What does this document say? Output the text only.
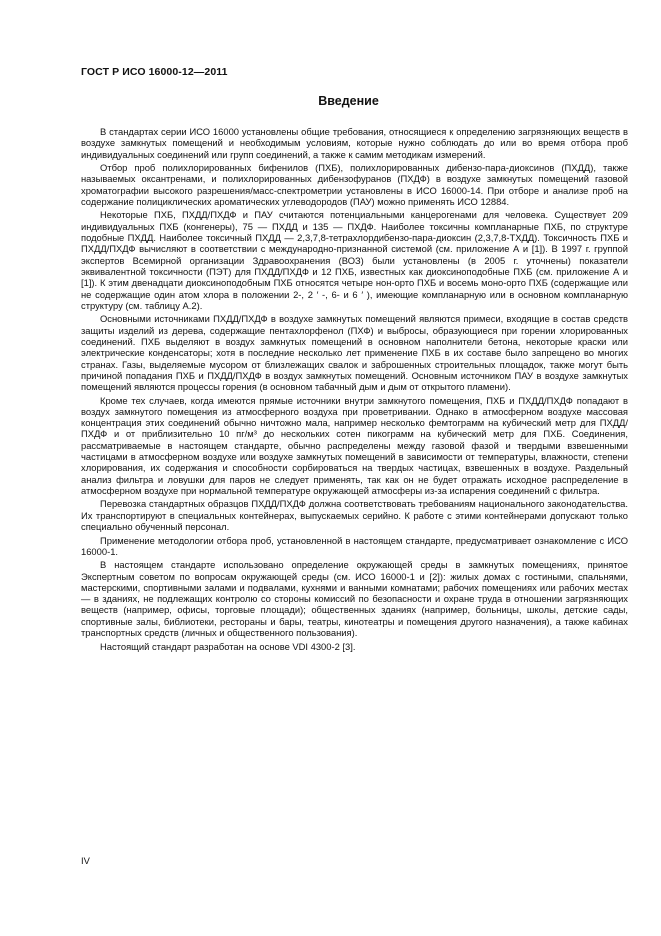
ГОСТ Р ИСО 16000-12—2011
Введение

В стандартах серии ИСО 16000 установлены общие требования, относящиеся к определению загрязняющих веществ в воздухе замкнутых помещений и необходимым условиям, которые нужно соблюдать до или во время отбора проб индивидуальных соединений или групп соединений, а также к самим методикам измерений.

Отбор проб полихлорированных бифенилов (ПХБ), полихлорированных дибензо-пара-диоксинов (ПХДД), также называемых оксантренами, и полихлорированных дибензофуранов (ПХДФ) в воздухе замкнутых помещений газовой хроматографии высокого разрешения/масс-спектрометрии установлены в ИСО 16000-14. При отборе и анализе проб на содержание полициклических ароматических углеводородов (ПАУ) можно применять ИСО 12884.

Некоторые ПХБ, ПХДД/ПХДФ и ПАУ считаются потенциальными канцерогенами для человека. Существует 209 индивидуальных ПХБ (конгенеры), 75 — ПХДД и 135 — ПХДФ. Наиболее токсичны компланарные ПХБ, по структуре подобные ПХДД. Наиболее токсичный ПХДД — 2,3,7,8-тетрахлордибензо-пара-диоксин (2,3,7,8-ТХДД). Токсичность ПХБ и ПХДД/ПХДФ вычисляют в соответствии с международно-признанной системой (см. приложение А и [1]). В 1997 г. группой экспертов Всемирной организации Здравоохранения (ВОЗ) были установлены (в 2005 г. уточнены) показатели эквивалентной токсичности (ПЭТ) для ПХДД/ПХДФ и 12 ПХБ, известных как диоксиноподобные ПХБ (см. приложение А и [1]). К этим двенадцати диоксиноподобным ПХБ относятся четыре нон-орто ПХБ и восемь моно-орто ПХБ (содержащие или не содержащие один атом хлора в положении 2-, 2 ′ -, 6- и 6 ′ ), имеющие компланарную или в основном компланарную структуру (см. таблицу А.2).

Основными источниками ПХДД/ПХДФ в воздухе замкнутых помещений являются примеси, входящие в состав средств защиты изделий из дерева, содержащие пентахлорфенол (ПХФ) и выбросы, образующиеся при горении хлорированных соединений. ПХБ выделяют в воздух замкнутых помещений в основном наполнители бетона, некоторые краски или электрические конденсаторы; хотя в последние несколько лет применение ПХБ в их составе было запрещено во многих странах. Газы, выделяемые мусором от близлежащих свалок и заброшенных строительных площадок, также могут быть причиной попадания ПХБ и ПХДД/ПХДФ в воздух замкнутых помещений. Основным источником ПАУ в воздухе замкнутых помещений являются процессы горения (в основном табачный дым и дым от открытого пламени).

Кроме тех случаев, когда имеются прямые источники внутри замкнутого помещения, ПХБ и ПХДД/ПХДФ попадают в воздух замкнутого помещения из атмосферного воздуха при проветривании. Однако в атмосферном воздухе массовая концентрация этих соединений обычно ничтожно мала, например несколько фемтограмм на кубический метр для ПХДД/ПХДФ и от приблизительно 10 пг/м³ до нескольких сотен пикограмм на кубический метр для ПХБ. Соединения, рассматриваемые в настоящем стандарте, обычно распределены между газовой фазой и твердыми взвешенными частицами в атмосферном воздухе или воздухе замкнутых помещений в зависимости от температуры, влажности, степени хлорирования, их содержания и способности сорбироваться на твердых частицах, взвешенных в воздухе. Раздельный анализ фильтра и ловушки для паров не следует применять, так как он не будет отражать исходное распределение в атмосферном воздухе при нормальной температуре окружающей атмосферы из-за испарения соединений с фильтра.

Перевозка стандартных образцов ПХДД/ПХДФ должна соответствовать требованиям национального законодательства. Их транспортируют в специальных контейнерах, выпускаемых серийно. К работе с этими контейнерами допускают только специально обученный персонал.

Применение методологии отбора проб, установленной в настоящем стандарте, предусматривает ознакомление с ИСО 16000-1.

В настоящем стандарте использовано определение окружающей среды в замкнутых помещениях, принятое Экспертным советом по вопросам окружающей среды (см. ИСО 16000-1 и [2]): жилых домах с гостиными, спальнями, мастерскими, спортивными залами и подвалами, кухнями и ванными комнатами; рабочих помещениях или рабочих местах — в зданиях, не подлежащих контролю со стороны комиссий по безопасности и охране труда в отношении загрязняющих веществ (например, офисы, торговые площади); общественных зданиях (например, больницы, школы, детские сады, спортивные залы, библиотеки, рестораны и бары, театры, кинотеатры и помещения другого назначения), а также кабинах транспортных средств (личных и общественного пользования).

Настоящий стандарт разработан на основе VDI 4300-2 [3].

IV
